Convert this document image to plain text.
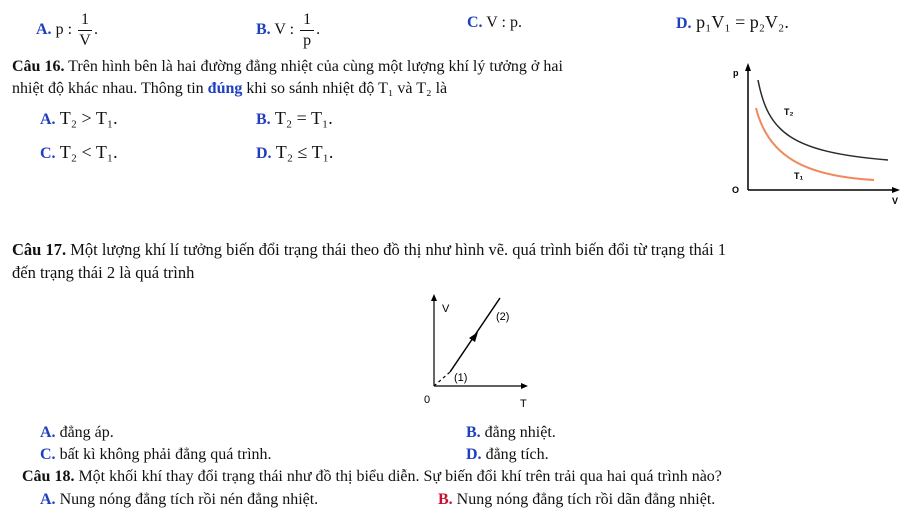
A. p : $\frac{1}{V}$ .	B. V : $\frac{1}{p}$ .	C. V : p.	D. p₁V₁ = p₂V₂.
Câu 16. Trên hình bên là hai đường đẳng nhiệt của cùng một lượng khí lý tưởng ở hai
nhiệt độ khác nhau. Thông tin đúng khi so sánh nhiệt độ T₁ và T₂ là
A. T₂ > T₁.	B. T₂ = T₁.
C. T₂ < T₁.	D. T₂ ≤ T₁.
p
V
O
T₂
T₁
Câu 17. Một lượng khí lí tưởng biến đổi trạng thái theo đồ thị như hình vẽ. quá trình biến đổi từ trạng thái 1
đến trạng thái 2 là quá trình
V
T
0
(1)
(2)
A. đẳng áp.	B. đẳng nhiệt.
C. bất kì không phải đẳng quá trình.	D. đẳng tích.
Câu 18. Một khối khí thay đổi trạng thái như đồ thị biểu diễn. Sự biến đổi khí trên trải qua hai quá trình nào?
A. Nung nóng đẳng tích rồi nén đẳng nhiệt.	B. Nung nóng đẳng tích rồi dãn đẳng nhiệt.
